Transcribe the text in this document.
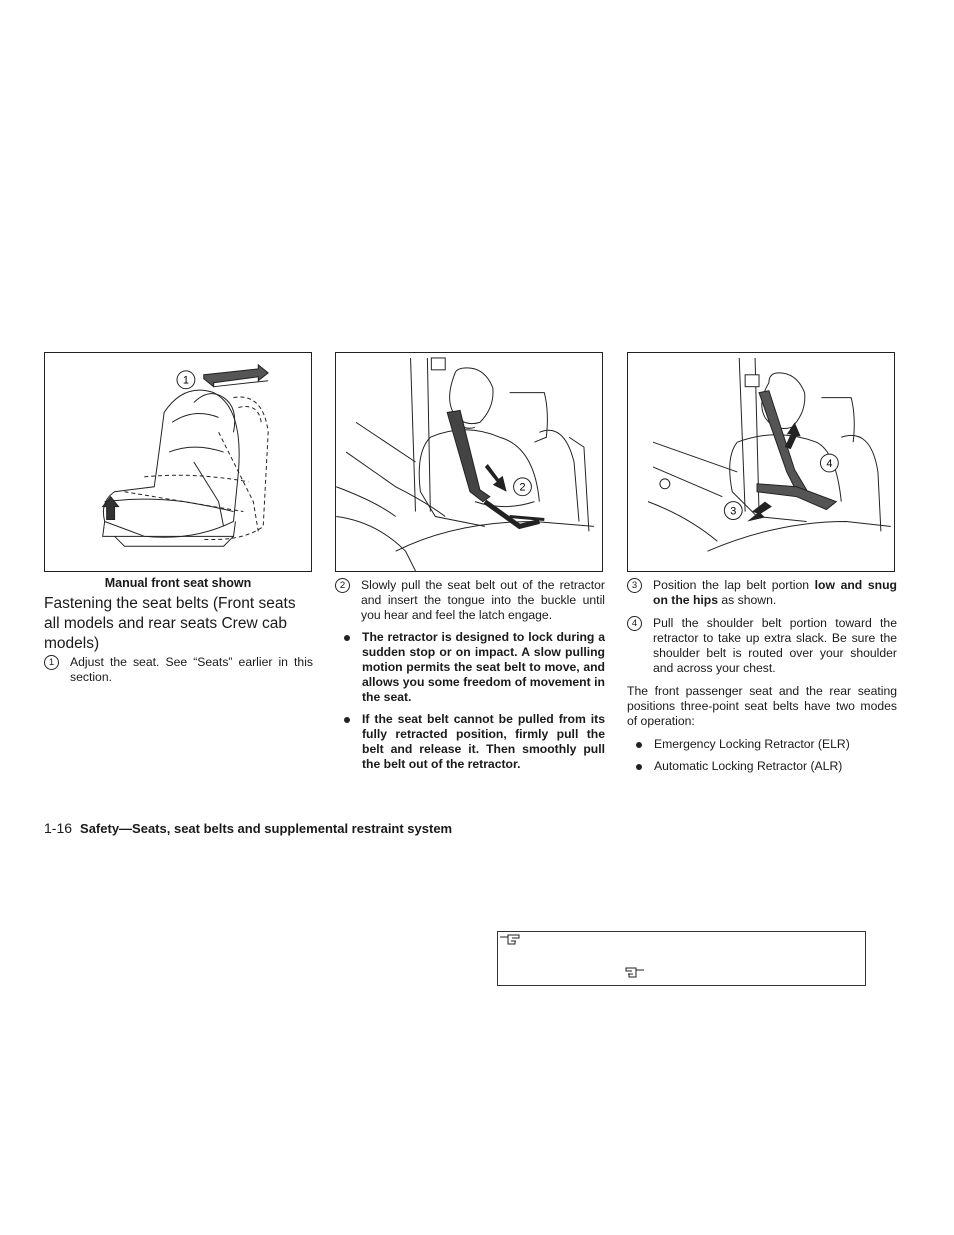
1
2
4
3
Manual front seat shown
Fastening the seat belts (Front seats all models and rear seats Crew cab models)
1	Adjust the seat. See “Seats” earlier in this section.
2	Slowly pull the seat belt out of the retractor and insert the tongue into the buckle until you hear and feel the latch engage.
The retractor is designed to lock during a sudden stop or on impact. A slow pulling motion permits the seat belt to move, and allows you some freedom of movement in the seat.
If the seat belt cannot be pulled from its fully retracted position, firmly pull the belt and release it. Then smoothly pull the belt out of the retractor.
3	Position the lap belt portion low and snug on the hips as shown.
4	Pull the shoulder belt portion toward the retractor to take up extra slack. Be sure the shoulder belt is routed over your shoulder and across your chest.
The front passenger seat and the rear seating positions three-point seat belts have two modes of operation:
Emergency Locking Retractor (ELR)
Automatic Locking Retractor (ALR)
1-16 Safety—Seats, seat belts and supplemental restraint system
